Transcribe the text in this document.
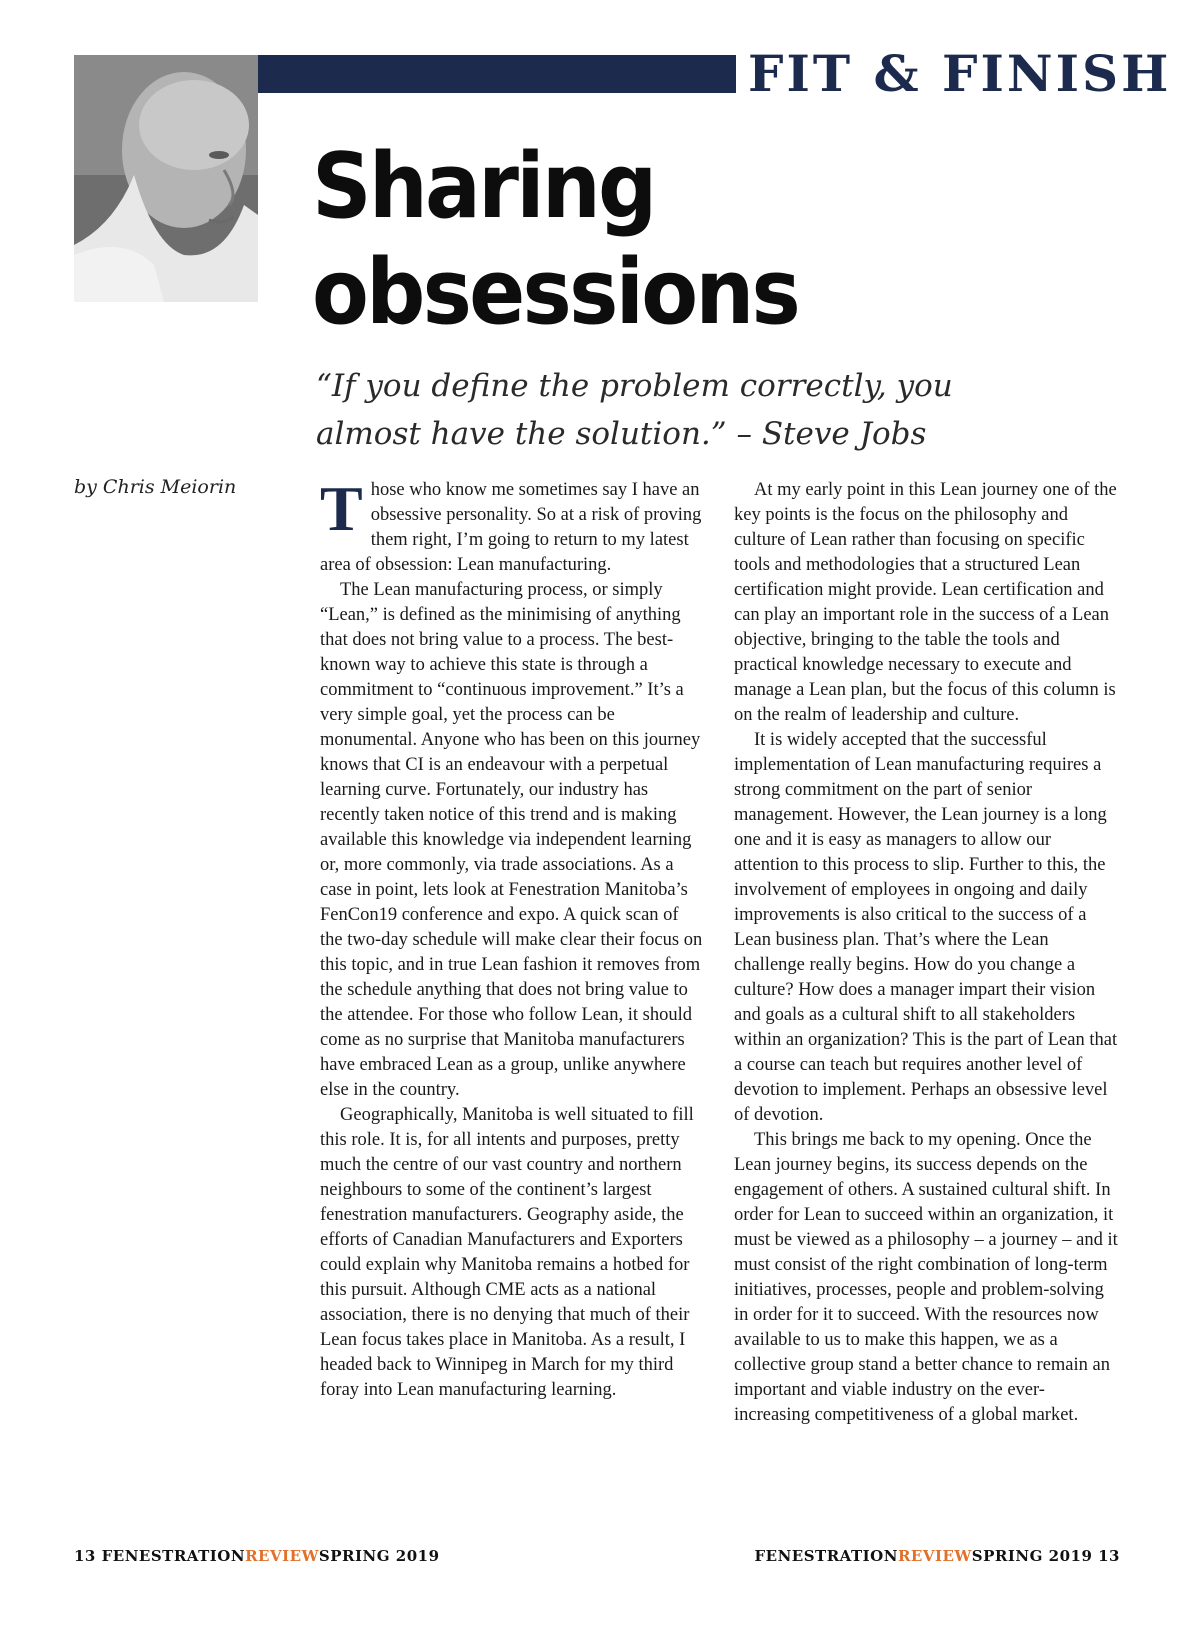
FIT & FINISH
Sharing
obsessions
“If you define the problem correctly, you almost have the solution.” – Steve Jobs
by Chris Meiorin	Those who know me sometimes say I have an obsessive personality. So at a risk of proving them right, I’m going to return to my latest area of obsession: Lean manufacturing.

The Lean manufacturing process, or simply “Lean,” is defined as the minimising of anything that does not bring value to a process. The best-known way to achieve this state is through a commitment to “continuous improvement.” It’s a very simple goal, yet the process can be monumental. Anyone who has been on this journey knows that CI is an endeavour with a perpetual learning curve. Fortunately, our industry has recently taken notice of this trend and is making available this knowledge via independent learning or, more commonly, via trade associations. As a case in point, lets look at Fenestration Manitoba’s FenCon19 conference and expo. A quick scan of the two-day schedule will make clear their focus on this topic, and in true Lean fashion it removes from the schedule anything that does not bring value to the attendee. For those who follow Lean, it should come as no surprise that Manitoba manufacturers have embraced Lean as a group, unlike anywhere else in the country.

Geographically, Manitoba is well situated to fill this role. It is, for all intents and purposes, pretty much the centre of our vast country and northern neighbours to some of the continent’s largest fenestration manufacturers. Geography aside, the efforts of Canadian Manufacturers and Exporters could explain why Manitoba remains a hotbed for this pursuit. Although CME acts as a national association, there is no denying that much of their Lean focus takes place in Manitoba. As a result, I headed back to Winnipeg in March for my third foray into Lean manufacturing learning.

At my early point in this Lean journey one of the key points is the focus on the philosophy and culture of Lean rather than focusing on specific tools and methodologies that a structured Lean certification might provide. Lean certification and can play an important role in the success of a Lean objective, bringing to the table the tools and practical knowledge necessary to execute and manage a Lean plan, but the focus of this column is on the realm of leadership and culture.

It is widely accepted that the successful implementation of Lean manufacturing requires a strong commitment on the part of senior management. However, the Lean journey is a long one and it is easy as managers to allow our attention to this process to slip. Further to this, the involvement of employees in ongoing and daily improvements is also critical to the success of a Lean business plan. That’s where the Lean challenge really begins. How do you change a culture? How does a manager impart their vision and goals as a cultural shift to all stakeholders within an organization? This is the part of Lean that a course can teach but requires another level of devotion to implement. Perhaps an obsessive level of devotion.

This brings me back to my opening. Once the Lean journey begins, its success depends on the engagement of others. A sustained cultural shift. In order for Lean to succeed within an organization, it must be viewed as a philosophy – a journey – and it must consist of the right combination of long-term initiatives, processes, people and problem-solving in order for it to succeed. With the resources now available to us to make this happen, we as a collective group stand a better chance to remain an important and viable industry on the ever- increasing competitiveness of a global market.

13 FENESTRATIONREVIEWSPRING 2019	FENESTRATIONREVIEWSPRING 2019 13
